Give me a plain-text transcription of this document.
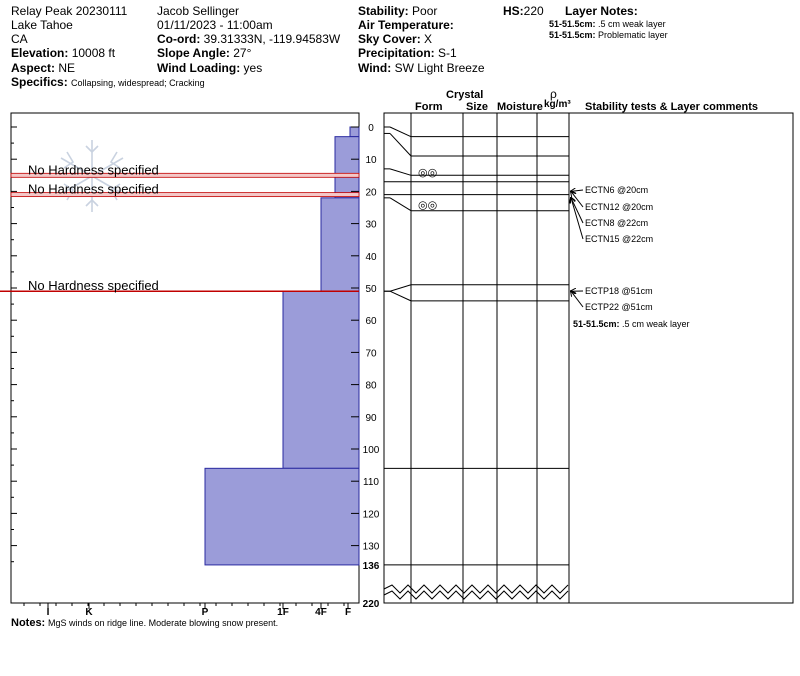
Relay Peak 20230111
Lake Tahoe
CA
Elevation: 10008 ft
Aspect: NE
Specifics: Collapsing, widespread; Cracking
Jacob Sellinger
01/11/2023 - 11:00am
Co-ord: 39.31333N, -119.94583W
Slope Angle: 27°
Wind Loading: yes
Stability: Poor
Air Temperature:
Sky Cover: X
Precipitation: S-1
Wind: SW Light Breeze
HS:220 Layer Notes:
51-51.5cm: .5 cm weak layer
51-51.5cm: Problematic layer
Crystal
Form Size Moisture
ρ
kg/m³ Stability tests & Layer comments
0
10
20
30
40
50
60
70
80
90
100
110
120
130
136
220
I	K	P	1F	4F F
No Hardness specified
No Hardness specified
No Hardness specified
◎◎
◎◎
ECTN6 @20cm
ECTN12 @20cm
ECTN8 @22cm
ECTN15 @22cm
ECTP18 @51cm
ECTP22 @51cm
51-51.5cm: .5 cm weak layer
Notes: MgS winds on ridge line. Moderate blowing snow present.
